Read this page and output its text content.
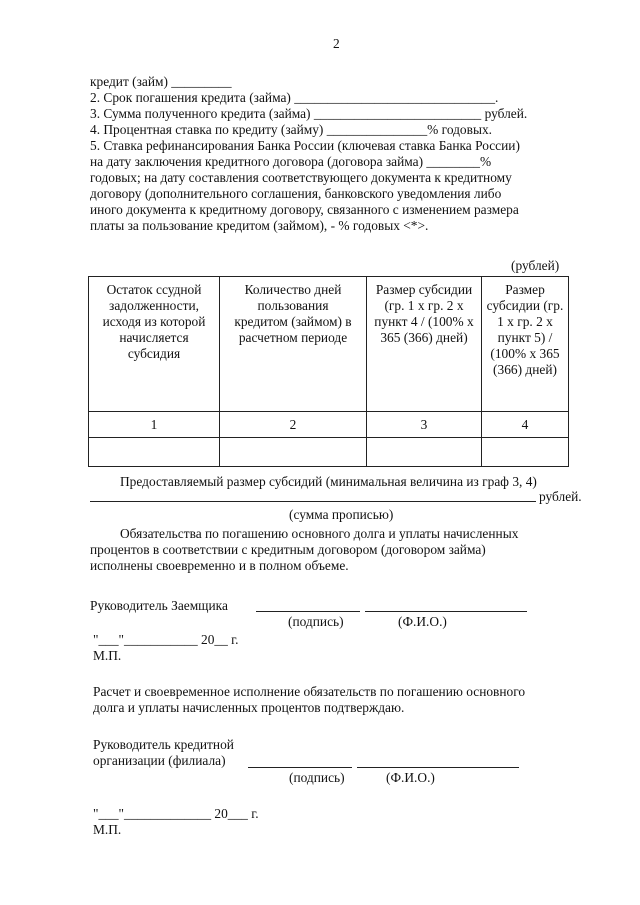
2
кредит (займ) _________
2. Срок погашения кредита (займа) ______________________________.
3. Сумма полученного кредита (займа) _________________________ рублей.
4. Процентная ставка по кредиту (займу) _______________% годовых.
5. Ставка рефинансирования Банка России (ключевая ставка Банка России)
на дату заключения кредитного договора (договора займа) ________%
годовых; на дату составления соответствующего документа к кредитному
договору (дополнительного соглашения, банковского уведомления либо
иного документа к кредитному договору, связанного с изменением размера
платы за пользование кредитом (займом), - % годовых <*>.
(рублей)
Остаток ссудной задолженности, исходя из которой начисляется субсидия	Количество дней пользования кредитом (займом) в расчетном периоде	Размер субсидии (гр. 1 х гр. 2 х пункт 4 / (100% х 365 (366) дней)	Размер субсидии (гр. 1 х гр. 2 х пункт 5) / (100% х 365 (366) дней)
1	2	3	4

Предоставляемый размер субсидий (минимальная величина из граф 3, 4)
рублей.
(сумма прописью)
Обязательства по погашению основного долга и уплаты начисленных
процентов в соответствии с кредитным договором (договором займа)
исполнены своевременно и в полном объеме.
Руководитель Заемщика
(подпись)	(Ф.И.О.)
"___"___________ 20__ г.
М.П.
Расчет и своевременное исполнение обязательств по погашению основного
долга и уплаты начисленных процентов подтверждаю.
Руководитель кредитной
организации (филиала)
(подпись)	(Ф.И.О.)
"___"_____________ 20___ г.
М.П.
